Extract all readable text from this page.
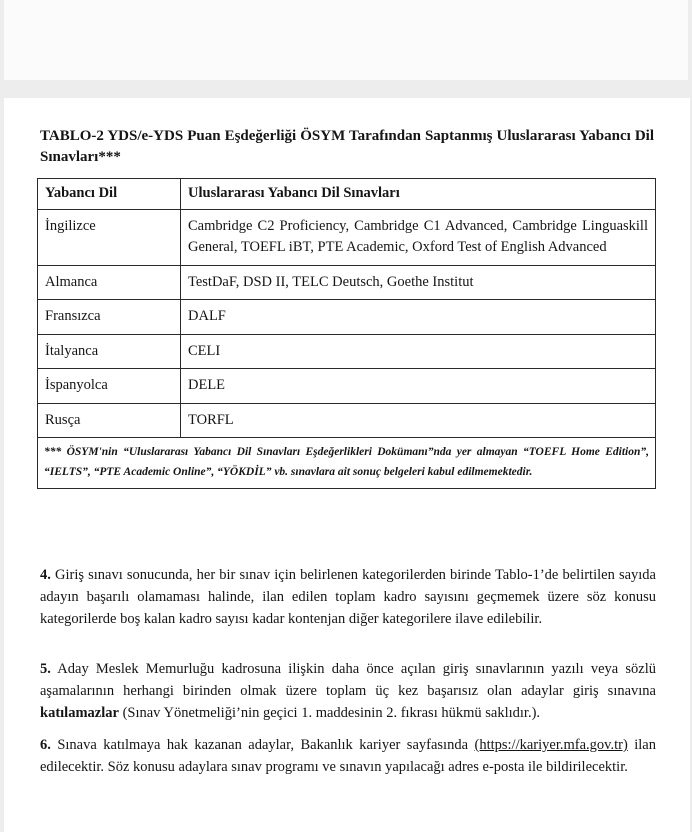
TABLO-2 YDS/e-YDS Puan Eşdeğerliği ÖSYM Tarafından Saptanmış Uluslararası Yabancı Dil Sınavları***
Yabancı Dil	Uluslararası Yabancı Dil Sınavları
İngilizce	Cambridge C2 Proficiency, Cambridge C1 Advanced, Cambridge Linguaskill General, TOEFL iBT, PTE Academic, Oxford Test of English Advanced
Almanca	TestDaF, DSD II, TELC Deutsch, Goethe Institut
Fransızca	DALF
İtalyanca	CELI
İspanyolca	DELE
Rusça	TORFL
*** ÖSYM'nin “Uluslararası Yabancı Dil Sınavları Eşdeğerlikleri Dokümanı”nda yer almayan “TOEFL Home Edition”, “IELTS”, “PTE Academic Online”, “YÖKDİL” vb. sınavlara ait sonuç belgeleri kabul edilmemektedir.	
4. Giriş sınavı sonucunda, her bir sınav için belirlenen kategorilerden birinde Tablo-1’de belirtilen sayıda adayın başarılı olamaması halinde, ilan edilen toplam kadro sayısını geçmemek üzere söz konusu kategorilerde boş kalan kadro sayısı kadar kontenjan diğer kategorilere ilave edilebilir.
5. Aday Meslek Memurluğu kadrosuna ilişkin daha önce açılan giriş sınavlarının yazılı veya sözlü aşamalarının herhangi birinden olmak üzere toplam üç kez başarısız olan adaylar giriş sınavına katılamazlar (Sınav Yönetmeliği’nin geçici 1. maddesinin 2. fıkrası hükmü saklıdır.).
6. Sınava katılmaya hak kazanan adaylar, Bakanlık kariyer sayfasında (https://kariyer.mfa.gov.tr) ilan edilecektir. Söz konusu adaylara sınav programı ve sınavın yapılacağı adres e-posta ile bildirilecektir.
